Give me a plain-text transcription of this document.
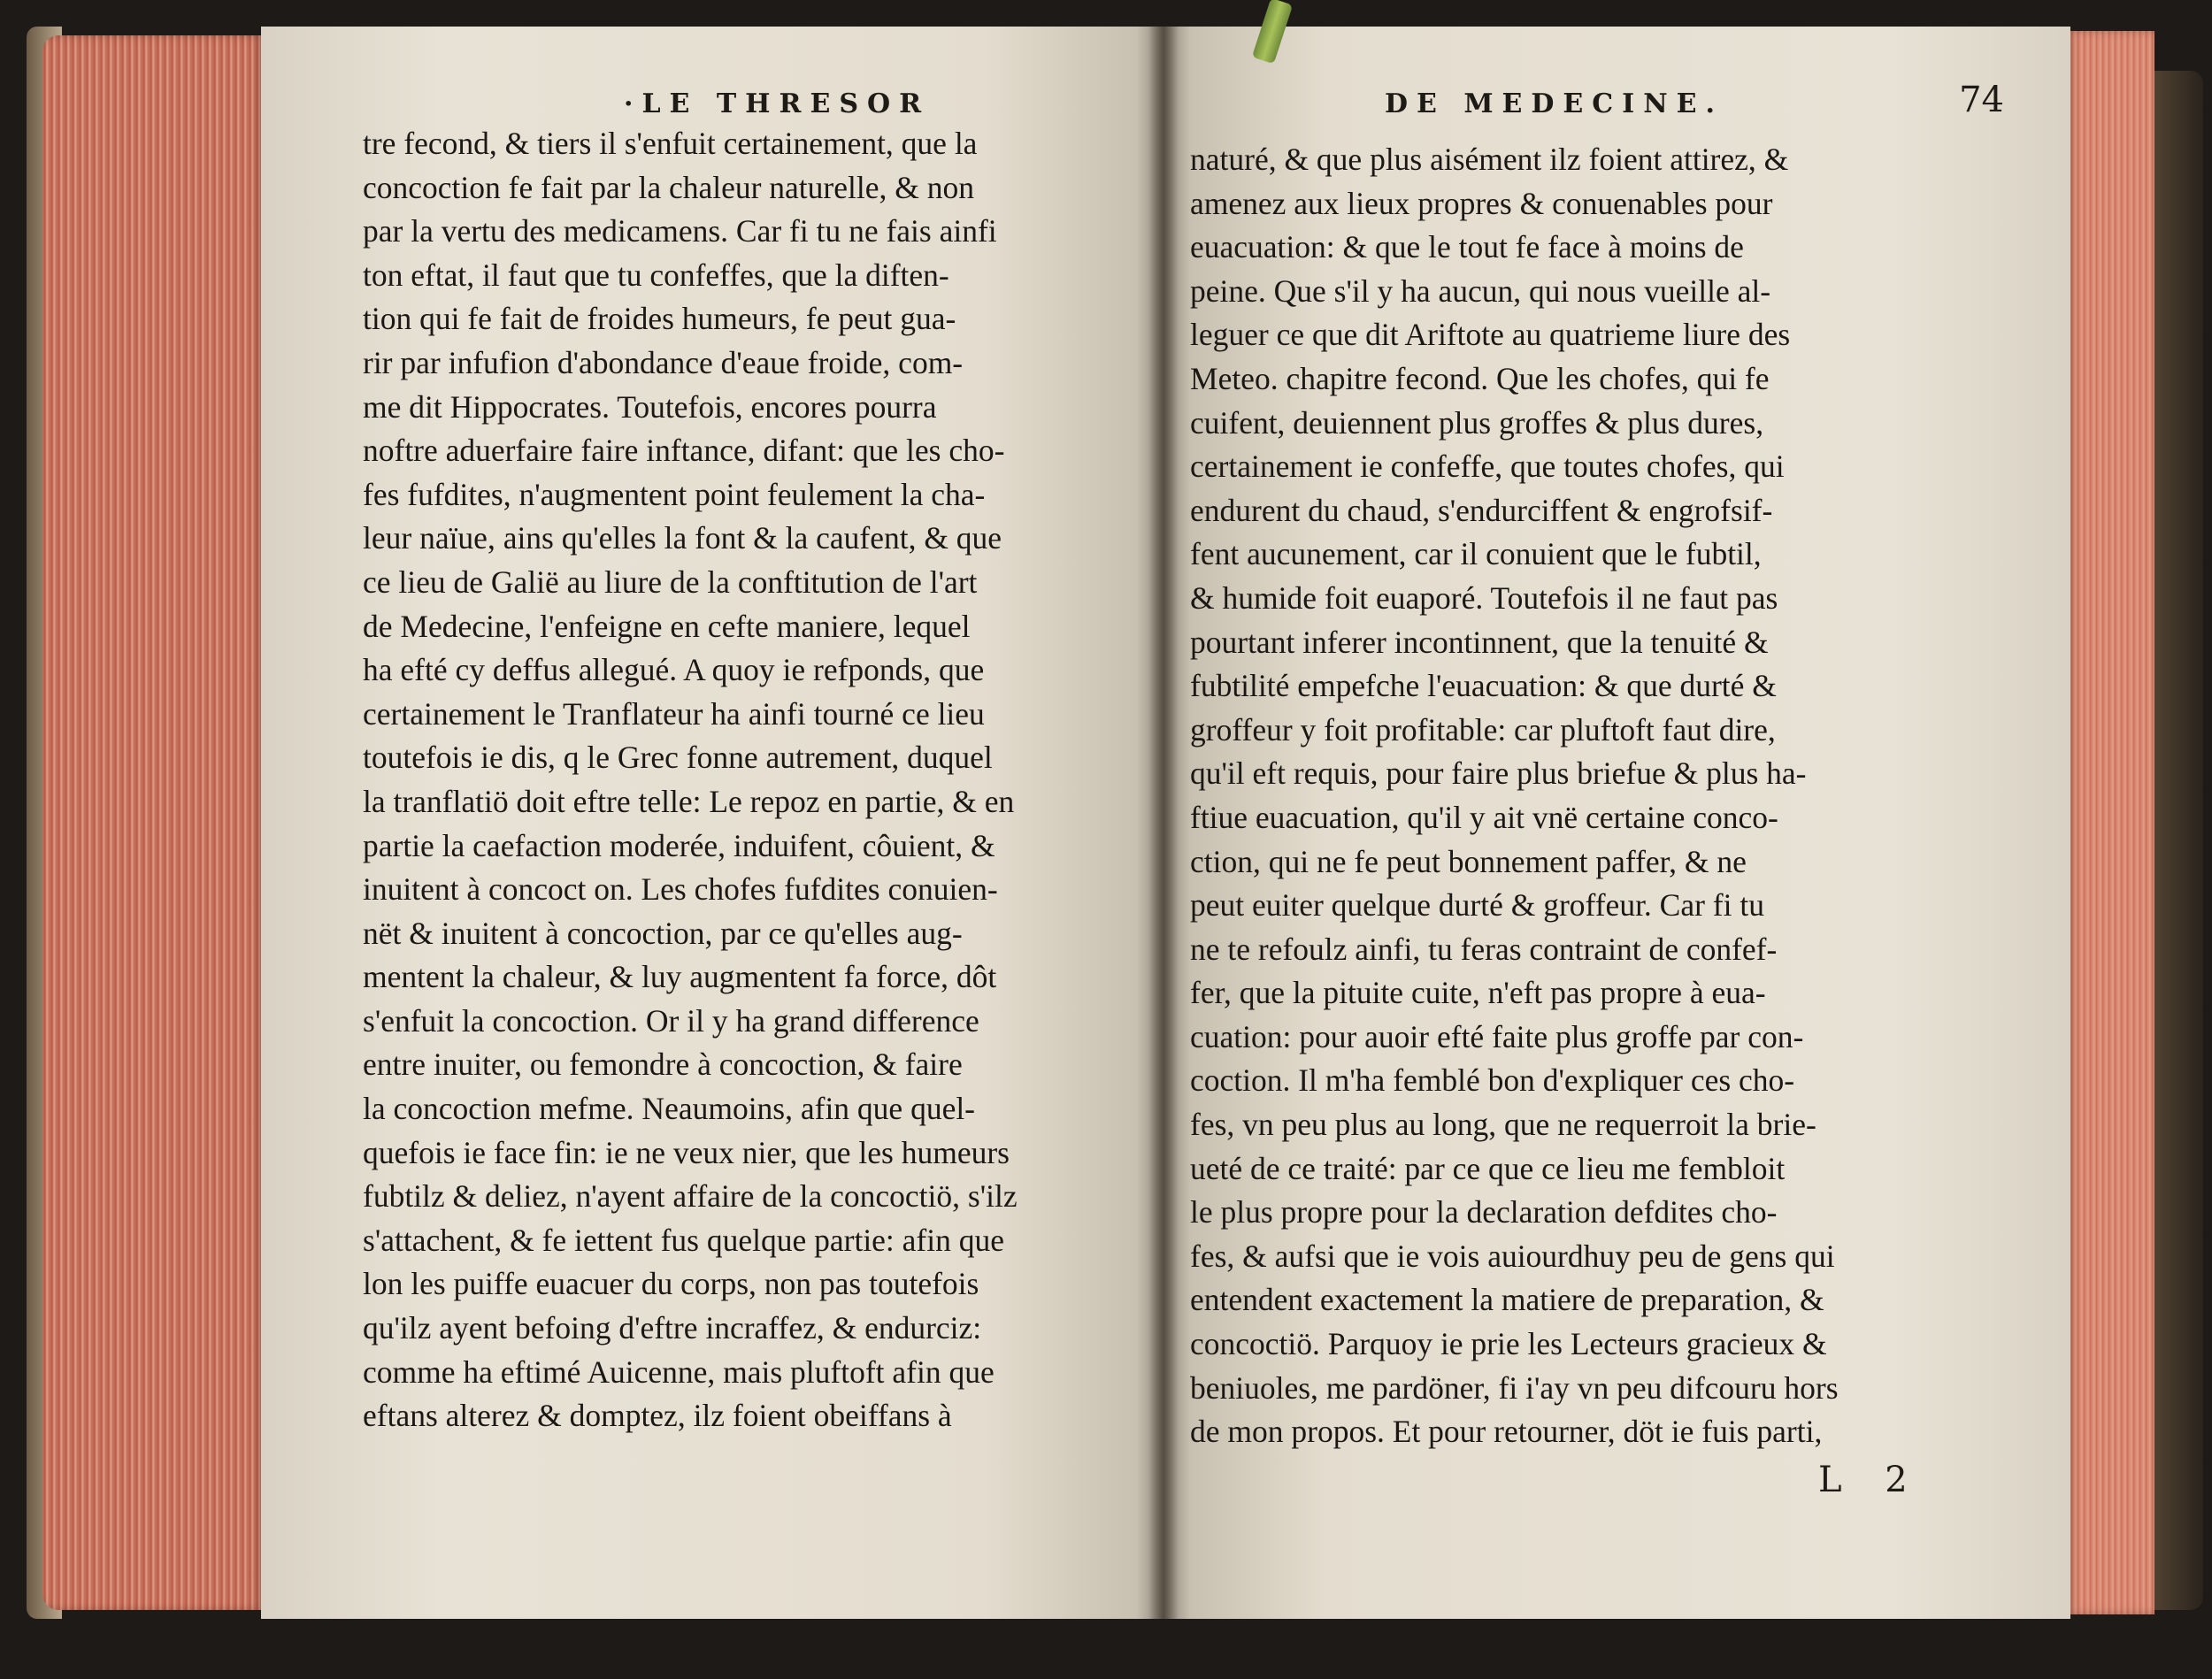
·LE THRESOR
tre fecond, & tiers il s'enfuit certainement, que la
concoction fe fait par la chaleur naturelle, & non
par la vertu des medicamens. Car fi tu ne fais ainfi
ton eftat, il faut que tu confeffes, que la diften-
tion qui fe fait de froides humeurs, fe peut gua-
rir par infufion d'abondance d'eaue froide, com-
me dit Hippocrates. Toutefois, encores pourra
noftre aduerfaire faire inftance, difant: que les cho-
fes fufdites, n'augmentent point feulement la cha-
leur naïue, ains qu'elles la font & la caufent, & que
ce lieu de Galië au liure de la conftitution de l'art
de Medecine, l'enfeigne en cefte maniere, lequel
ha efté cy deffus allegué. A quoy ie refponds, que
certainement le Tranflateur ha ainfi tourné ce lieu
toutefois ie dis, q le Grec fonne autrement, duquel
la tranflatiö doit eftre telle: Le repoz en partie, & en
partie la caefaction moderée, induifent, côuient, &
inuitent à concoct on. Les chofes fufdites conuien-
nët & inuitent à concoction, par ce qu'elles aug-
mentent la chaleur, & luy augmentent fa force, dôt
s'enfuit la concoction. Or il y ha grand difference
entre inuiter, ou femondre à concoction, & faire
la concoction mefme. Neaumoins, afin que quel-
quefois ie face fin: ie ne veux nier, que les humeurs
fubtilz & deliez, n'ayent affaire de la concoctiö, s'ilz
s'attachent, & fe iettent fus quelque partie: afin que
lon les puiffe euacuer du corps, non pas toutefois
qu'ilz ayent befoing d'eftre incraffez, & endurciz:
comme ha eftimé Auicenne, mais pluftoft afin que
eftans alterez & domptez, ilz foient obeiffans à
DE MEDECINE.	74
naturé, & que plus aisément ilz foient attirez, &
amenez aux lieux propres & conuenables pour
euacuation: & que le tout fe face à moins de
peine. Que s'il y ha aucun, qui nous vueille al-
leguer ce que dit Ariftote au quatrieme liure des
Meteo. chapitre fecond. Que les chofes, qui fe
cuifent, deuiennent plus groffes & plus dures,
certainement ie confeffe, que toutes chofes, qui
endurent du chaud, s'endurciffent & engrofsif-
fent aucunement, car il conuient que le fubtil,
& humide foit euaporé. Toutefois il ne faut pas
pourtant inferer incontinnent, que la tenuité &
fubtilité empefche l'euacuation: & que durté &
groffeur y foit profitable: car pluftoft faut dire,
qu'il eft requis, pour faire plus briefue & plus ha-
ftiue euacuation, qu'il y ait vnë certaine conco-
ction, qui ne fe peut bonnement paffer, & ne
peut euiter quelque durté & groffeur. Car fi tu
ne te refoulz ainfi, tu feras contraint de confef-
fer, que la pituite cuite, n'eft pas propre à eua-
cuation: pour auoir efté faite plus groffe par con-
coction. Il m'ha femblé bon d'expliquer ces cho-
fes, vn peu plus au long, que ne requerroit la brie-
ueté de ce traité: par ce que ce lieu me fembloit
le plus propre pour la declaration defdites cho-
fes, & aufsi que ie vois auiourdhuy peu de gens qui
entendent exactement la matiere de preparation, &
concoctiö. Parquoy ie prie les Lecteurs gracieux &
beniuoles, me pardöner, fi i'ay vn peu difcouru hors
de mon propos. Et pour retourner, döt ie fuis parti,
L 2
